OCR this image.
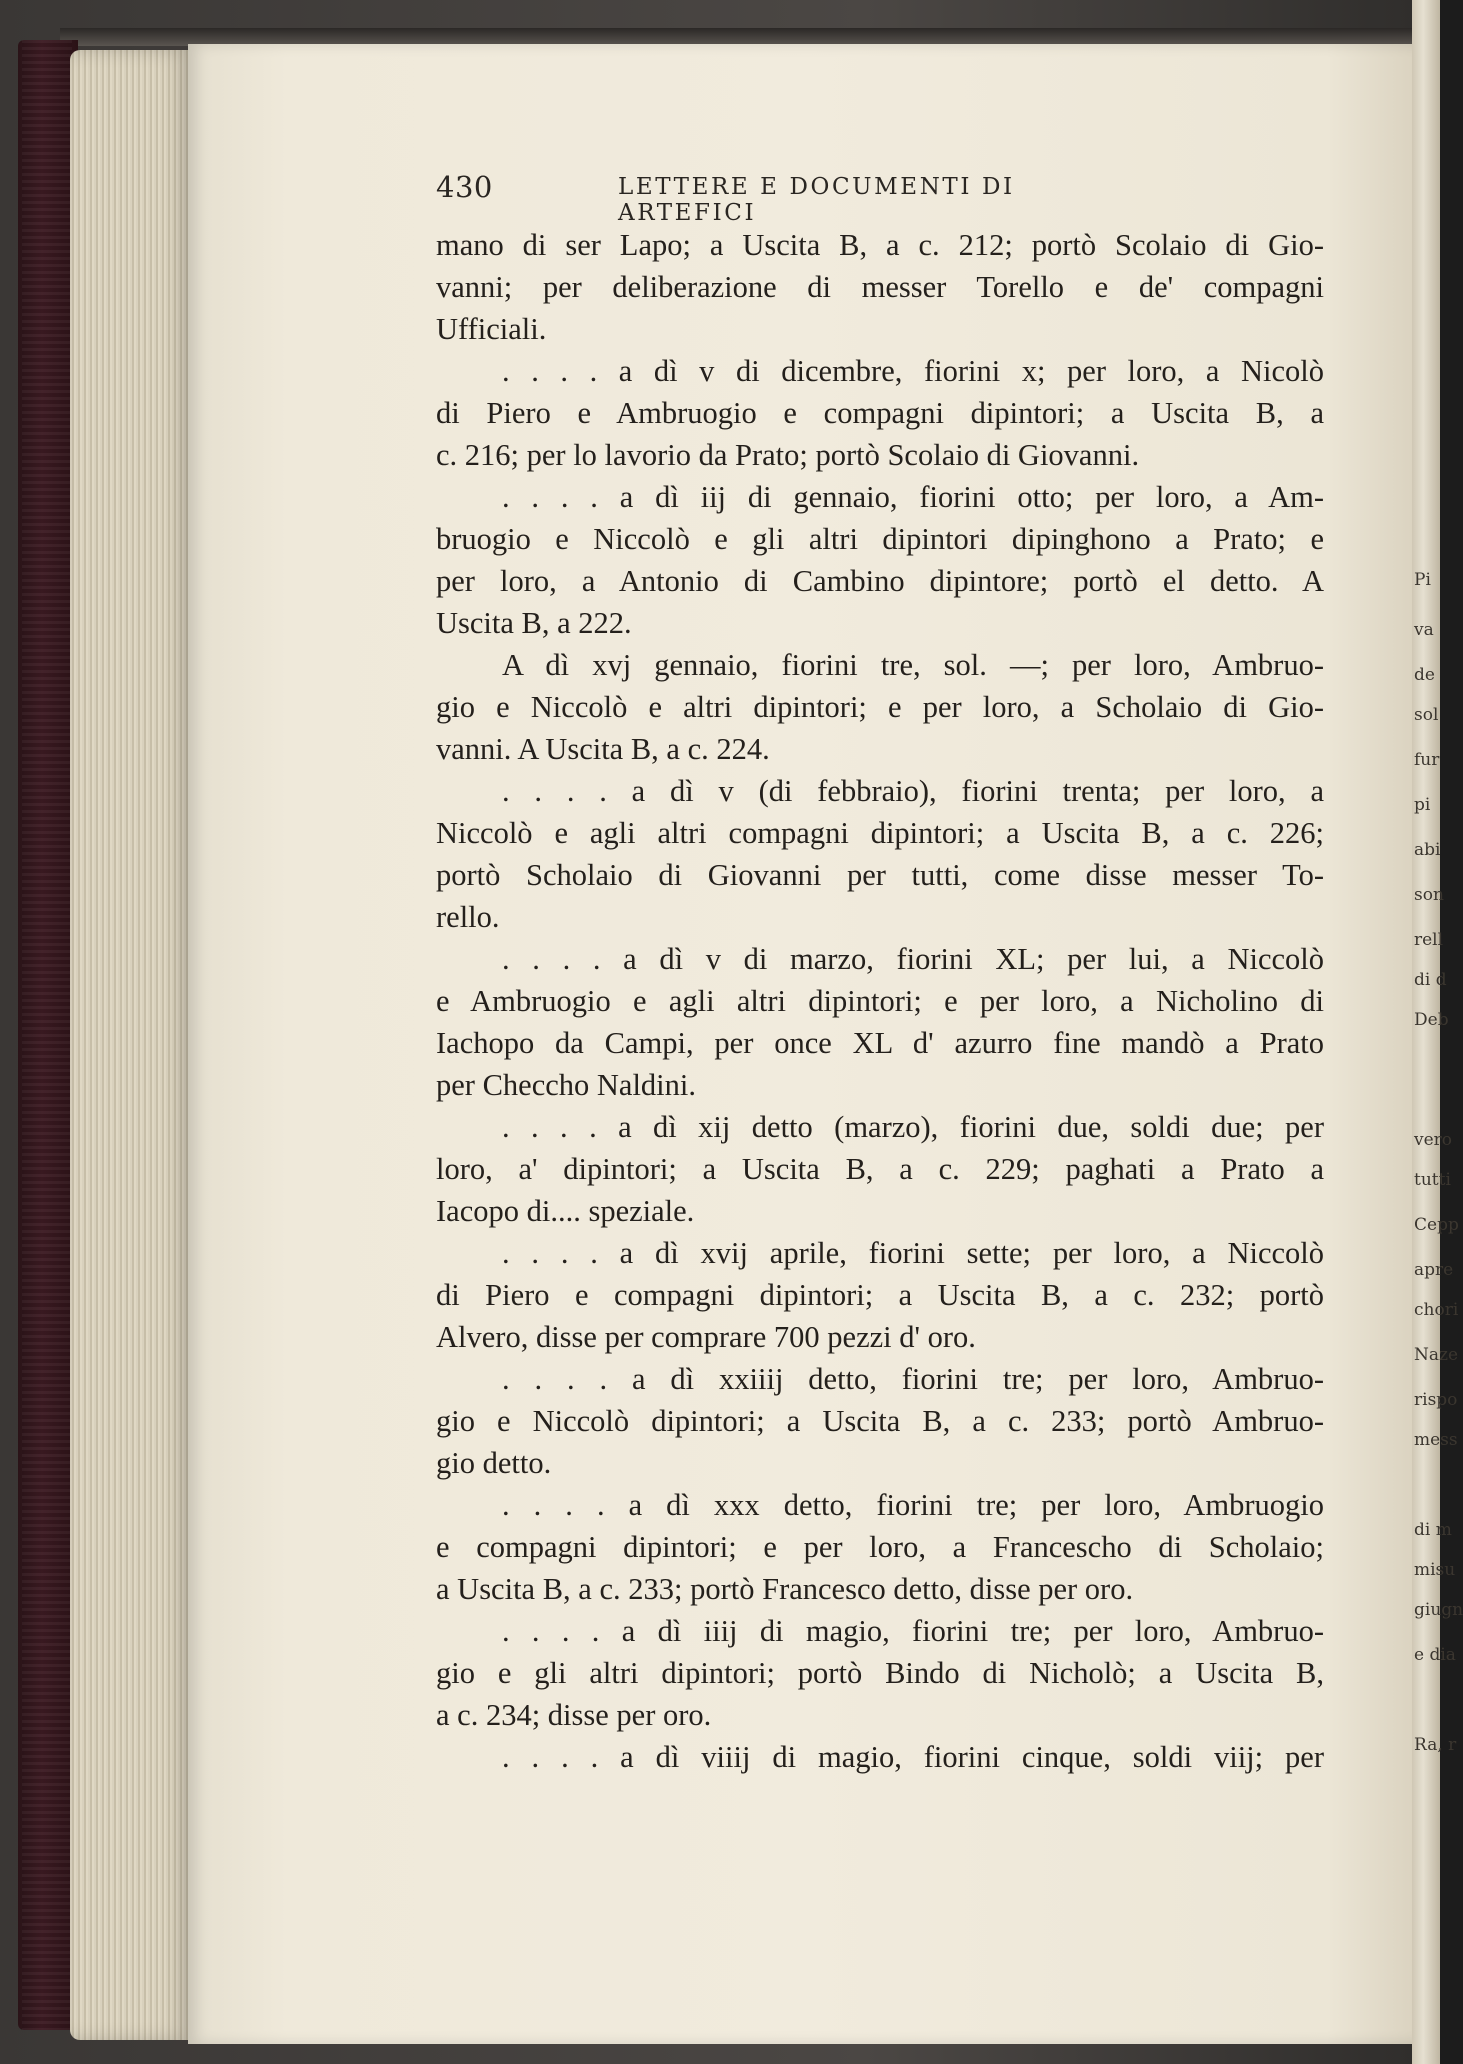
Pi
va
de
sol
fur
pi
abi
son
rell
di d
Deb
vero
tutti
Cepp
apre
chori
Naze
rispo
mess
di m
misu
giugn
e dia
Ra, r
430	LETTERE E DOCUMENTI DI ARTEFICI
mano di ser Lapo; a Uscita B, a c. 212; portò Scolaio di Gio-
vanni; per deliberazione di messer Torello e de' compagni
Ufficiali.
. . . . a dì v di dicembre, fiorini x; per loro, a Nicolò
di Piero e Ambruogio e compagni dipintori; a Uscita B, a
c. 216; per lo lavorio da Prato; portò Scolaio di Giovanni.
. . . . a dì iij di gennaio, fiorini otto; per loro, a Am-
bruogio e Niccolò e gli altri dipintori dipinghono a Prato; e
per loro, a Antonio di Cambino dipintore; portò el detto. A
Uscita B, a 222.
A dì xvj gennaio, fiorini tre, sol. —; per loro, Ambruo-
gio e Niccolò e altri dipintori; e per loro, a Scholaio di Gio-
vanni. A Uscita B, a c. 224.
. . . . a dì v (di febbraio), fiorini trenta; per loro, a
Niccolò e agli altri compagni dipintori; a Uscita B, a c. 226;
portò Scholaio di Giovanni per tutti, come disse messer To-
rello.
. . . . a dì v di marzo, fiorini XL; per lui, a Niccolò
e Ambruogio e agli altri dipintori; e per loro, a Nicholino di
Iachopo da Campi, per once XL d' azurro fine mandò a Prato
per Checcho Naldini.
. . . . a dì xij detto (marzo), fiorini due, soldi due; per
loro, a' dipintori; a Uscita B, a c. 229; paghati a Prato a
Iacopo di.... speziale.
. . . . a dì xvij aprile, fiorini sette; per loro, a Niccolò
di Piero e compagni dipintori; a Uscita B, a c. 232; portò
Alvero, disse per comprare 700 pezzi d' oro.
. . . . a dì xxiiij detto, fiorini tre; per loro, Ambruo-
gio e Niccolò dipintori; a Uscita B, a c. 233; portò Ambruo-
gio detto.
. . . . a dì xxx detto, fiorini tre; per loro, Ambruogio
e compagni dipintori; e per loro, a Francescho di Scholaio;
a Uscita B, a c. 233; portò Francesco detto, disse per oro.
. . . . a dì iiij di magio, fiorini tre; per loro, Ambruo-
gio e gli altri dipintori; portò Bindo di Nicholò; a Uscita B,
a c. 234; disse per oro.
. . . . a dì viiij di magio, fiorini cinque, soldi viij; per
